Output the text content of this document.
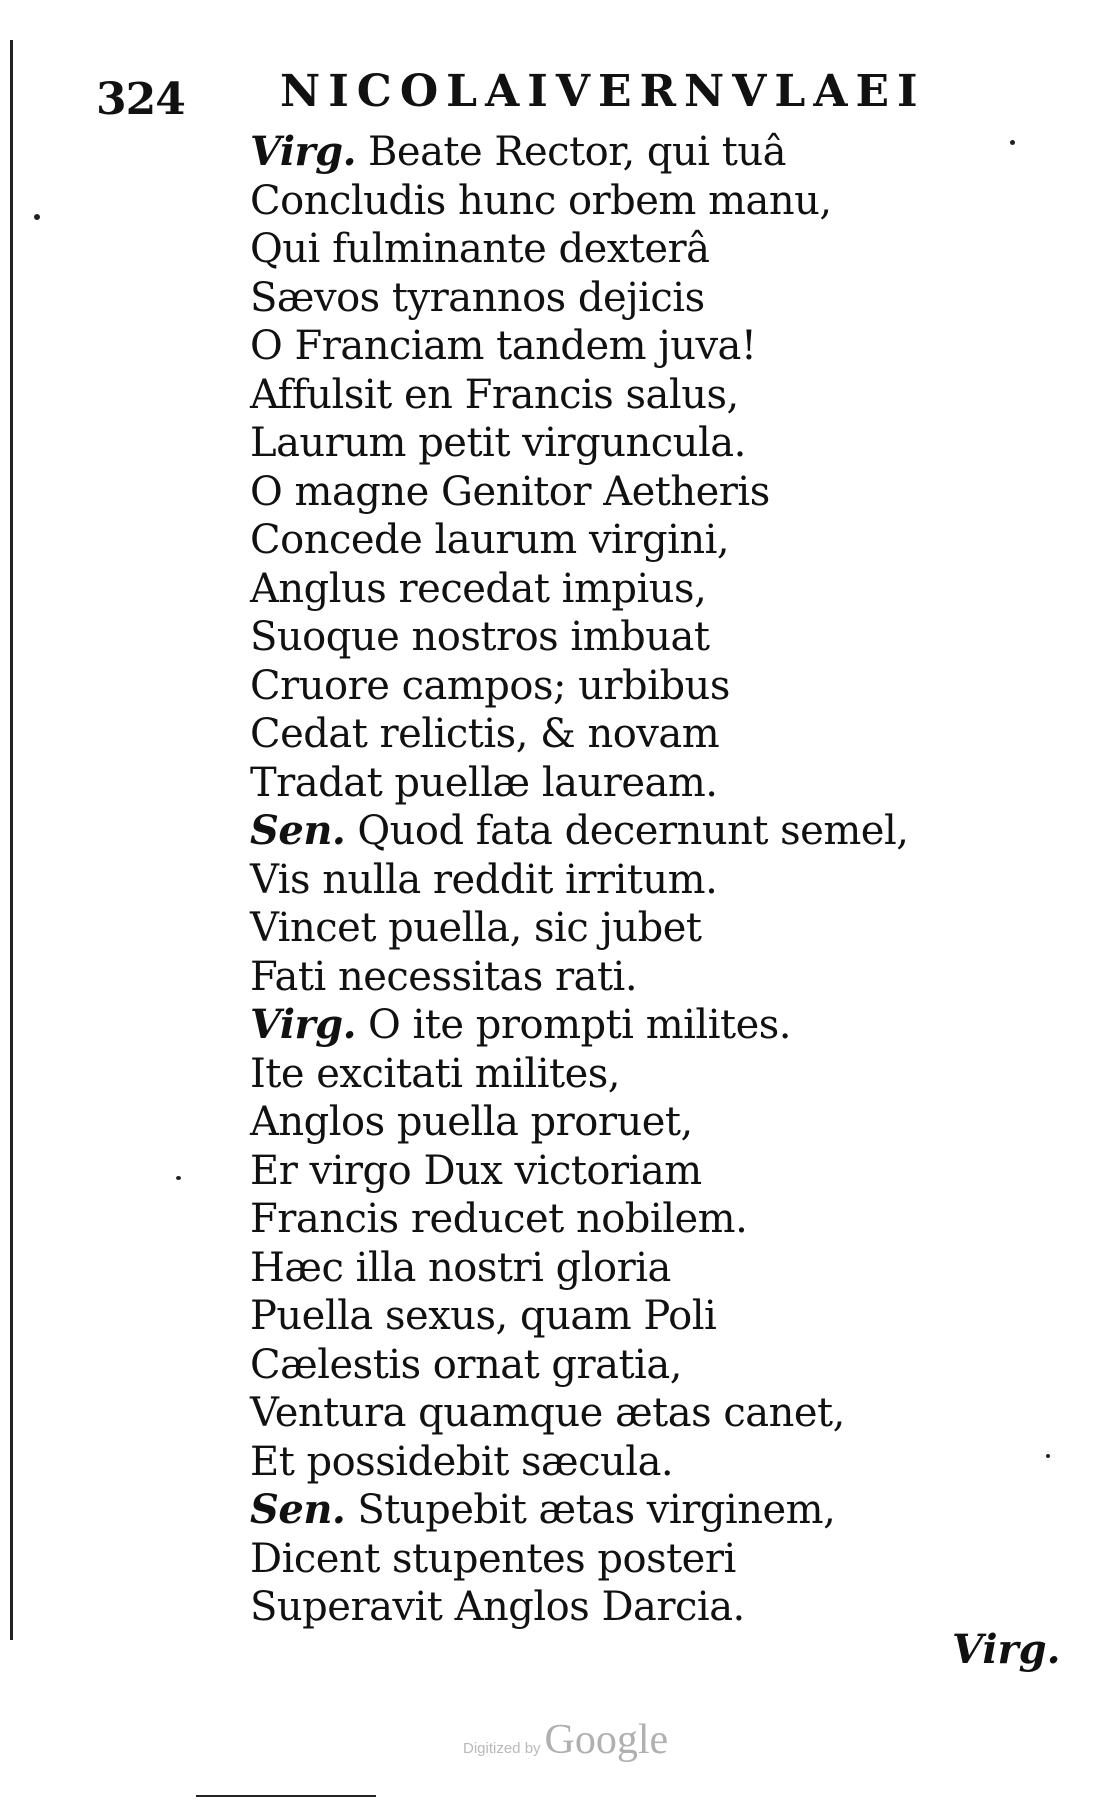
324 NICOLAI VERNVLAEI
Virg. Beate Rector, qui tuâ
Concludis hunc orbem manu,
Qui fulminante dexterâ
Sævos tyrannos dejicis
O Franciam tandem juva!
Affulsit en Francis salus,
Laurum petit virguncula.
O magne Genitor Aetheris
Concede laurum virgini,
Anglus recedat impius,
Suoque nostros imbuat
Cruore campos; urbibus
Cedat relictis, & novam
Tradat puellæ lauream.
Sen. Quod fata decernunt semel,
Vis nulla reddit irritum.
Vincet puella, sic jubet
Fati necessitas rati.
Virg. O ite prompti milites.
Ite excitati milites,
Anglos puella proruet,
Er virgo Dux victoriam
Francis reducet nobilem.
Hæc illa nostri gloria
Puella sexus, quam Poli
Cælestis ornat gratia,
Ventura quamque ætas canet,
Et possidebit sæcula.
Sen. Stupebit ætas virginem,
Dicent stupentes posteri
Superavit Anglos Darcia.
Virg.
Digitized by Google
